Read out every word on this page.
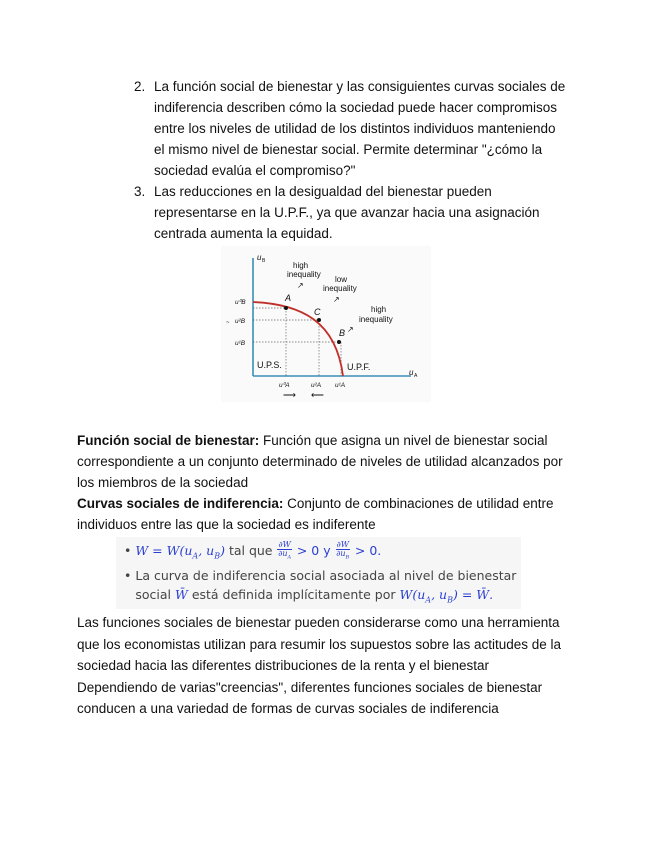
2. La función social de bienestar y las consiguientes curvas sociales de
indiferencia describen cómo la sociedad puede hacer compromisos
entre los niveles de utilidad de los distintos individuos manteniendo
el mismo nivel de bienestar social. Permite determinar "¿cómo la
sociedad evalúa el compromiso?"
3. Las reducciones en la desigualdad del bienestar pueden
representarse en la U.P.F., ya que avanzar hacia una asignación
centrada aumenta la equidad.
u B
u A
high
inequality
↗
low
inequality
↗
high
inequality
↗
A
C
B
U.P.S.	U.P.F.
u⁰B
u²B
u¹B
~
u⁰A	u²A u¹A
⟶ ⟵

Función social de bienestar: Función que asigna un nivel de bienestar social

correspondiente a un conjunto determinado de niveles de utilidad alcanzados por

los miembros de la sociedad

Curvas sociales de indiferencia: Conjunto de combinaciones de utilidad entre

individuos entre las que la sociedad es indiferente

• $W = W(u_A$, $u_B$) tal que $\frac{\partial W}{\partial u_A} > 0$ y $\frac{\partial W}{\partial u_B} > 0$.
• La curva de indiferencia social asociada al nivel de bienestar
social W̄ está definida implícitamente por $W(u_A$, $u_B$) = W̄.

Las funciones sociales de bienestar pueden considerarse como una herramienta

que los economistas utilizan para resumir los supuestos sobre las actitudes de la

sociedad hacia las diferentes distribuciones de la renta y el bienestar

Dependiendo de varias"creencias", diferentes funciones sociales de bienestar

conducen a una variedad de formas de curvas sociales de indiferencia
